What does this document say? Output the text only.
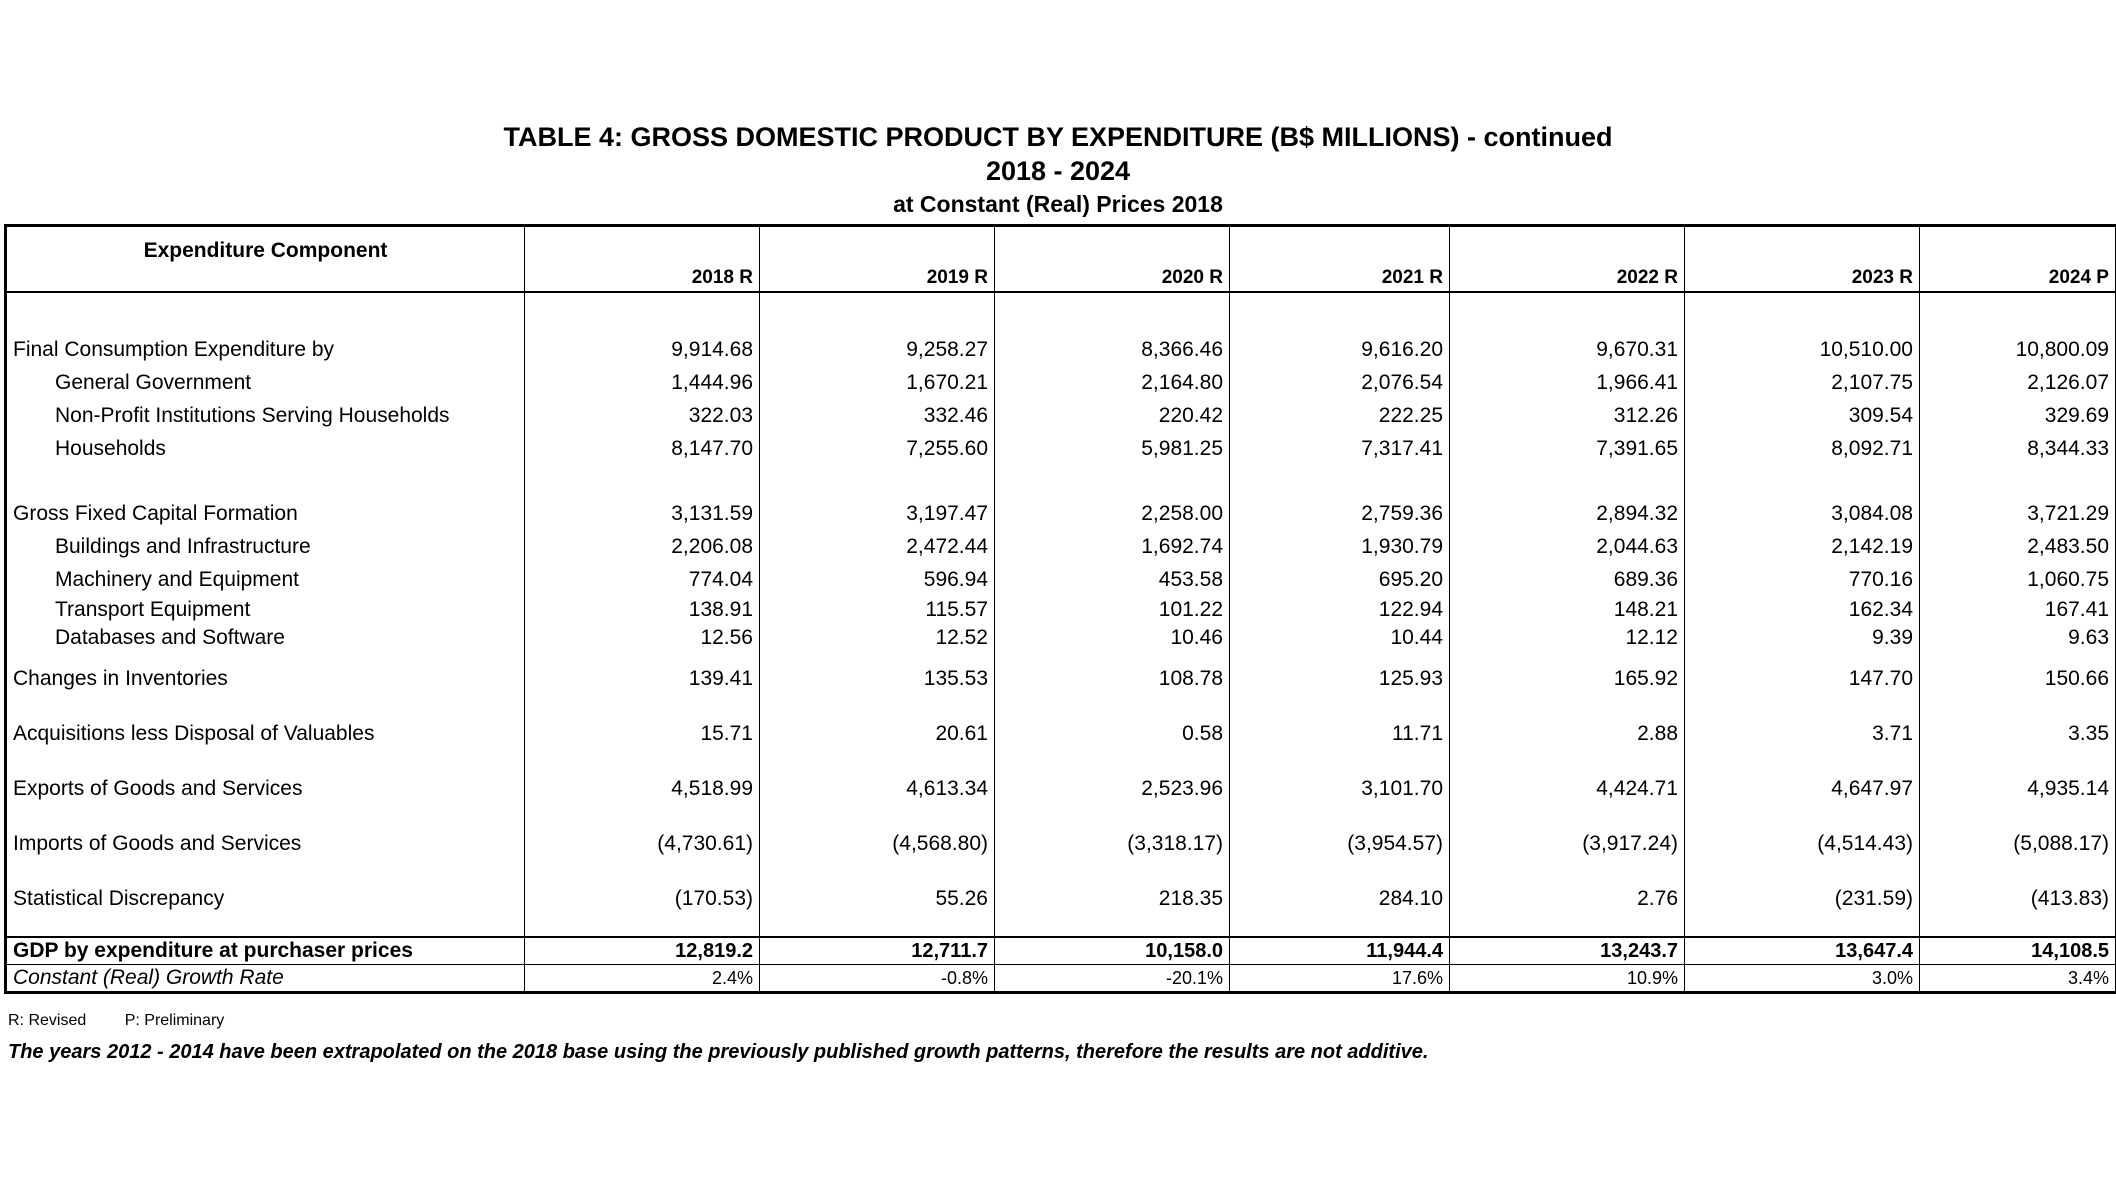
TABLE 4: GROSS DOMESTIC PRODUCT BY EXPENDITURE (B$ MILLIONS) - continued
2018 - 2024
at Constant (Real) Prices 2018
Expenditure Component	2018 R	2019 R	2020 R	2021 R	2022 R	2023 R	2024 P

Final Consumption Expenditure by	9,914.68	9,258.27	8,366.46	9,616.20	9,670.31	10,510.00	10,800.09
General Government	1,444.96	1,670.21	2,164.80	2,076.54	1,966.41	2,107.75	2,126.07
Non-Profit Institutions Serving Households	322.03	332.46	220.42	222.25	312.26	309.54	329.69
Households	8,147.70	7,255.60	5,981.25	7,317.41	7,391.65	8,092.71	8,344.33

Gross Fixed Capital Formation	3,131.59	3,197.47	2,258.00	2,759.36	2,894.32	3,084.08	3,721.29
Buildings and Infrastructure	2,206.08	2,472.44	1,692.74	1,930.79	2,044.63	2,142.19	2,483.50
Machinery and Equipment	774.04	596.94	453.58	695.20	689.36	770.16	1,060.75
Transport Equipment	138.91	115.57	101.22	122.94	148.21	162.34	167.41
Databases and Software	12.56	12.52	10.46	10.44	12.12	9.39	9.63
Changes in Inventories	139.41	135.53	108.78	125.93	165.92	147.70	150.66
Acquisitions less Disposal of Valuables	15.71	20.61	0.58	11.71	2.88	3.71	3.35
Exports of Goods and Services	4,518.99	4,613.34	2,523.96	3,101.70	4,424.71	4,647.97	4,935.14
Imports of Goods and Services	(4,730.61)	(4,568.80)	(3,318.17)	(3,954.57)	(3,917.24)	(4,514.43)	(5,088.17)
Statistical Discrepancy	(170.53)	55.26	218.35	284.10	2.76	(231.59)	(413.83)

GDP by expenditure at purchaser prices	12,819.2	12,711.7	10,158.0	11,944.4	13,243.7	13,647.4	14,108.5
Constant (Real) Growth Rate	2.4%	-0.8%	-20.1%	17.6%	10.9%	3.0%	3.4%
R: Revised P: Preliminary
The years 2012 - 2014 have been extrapolated on the 2018 base using the previously published growth patterns, therefore the results are not additive.
